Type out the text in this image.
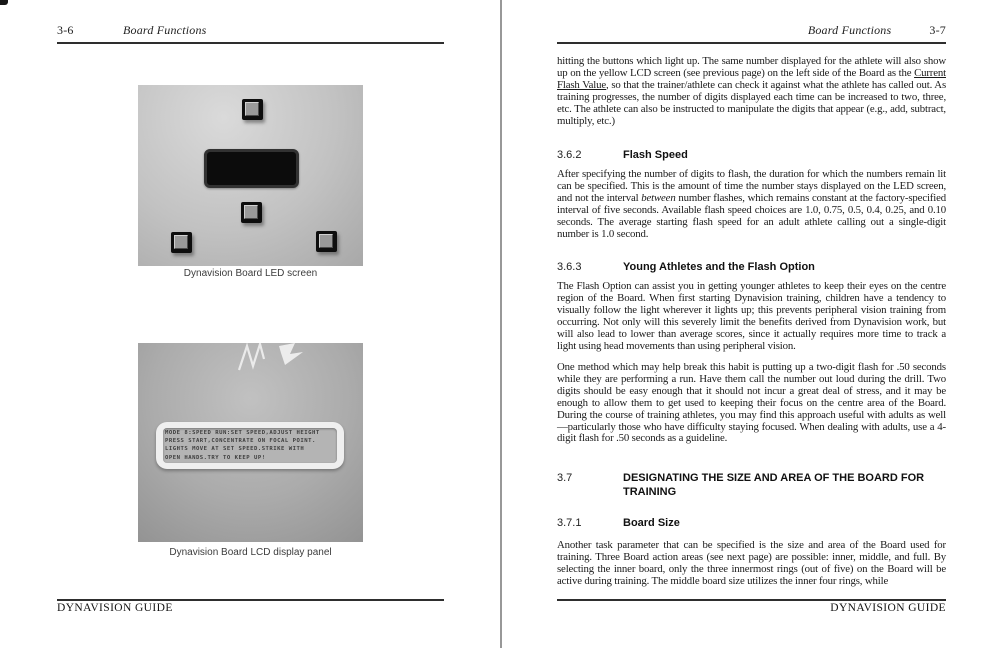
3-6	Board Functions
Dynavision Board LED screen
MODE 8:SPEED RUN:SET SPEED,ADJUST HEIGHT
PRESS START,CONCENTRATE ON FOCAL POINT.
LIGHTS MOVE AT SET SPEED.STRIKE WITH
OPEN HANDS.TRY TO KEEP UP!
Dynavision Board LCD display panel
DYNAVISION GUIDE
Board Functions	3-7

hitting the buttons which light up. The same number displayed for the athlete will also show up on the yellow LCD screen (see previous page) on the left side of the Board as the Current Flash Value, so that the trainer/athlete can check it against what the athlete has called out. As training progresses, the number of digits displayed each time can be increased to two, three, etc. The athlete can also be instructed to manipulate the digits that appear (e.g., add, subtract, multiply, etc.)

3.6.2	Flash Speed

After specifying the number of digits to flash, the duration for which the numbers remain lit can be specified. This is the amount of time the number stays displayed on the LED screen, and not the interval between number flashes, which remains constant at the factory-specified interval of five seconds. Available flash speed choices are 1.0, 0.75, 0.5, 0.4, 0.25, and 0.10 seconds. The average starting flash speed for an adult athlete calling out a single-digit number is 1.0 second.

3.6.3	Young Athletes and the Flash Option

The Flash Option can assist you in getting younger athletes to keep their eyes on the centre region of the Board. When first starting Dynavision training, children have a tendency to visually follow the light wherever it lights up; this prevents peripheral vision training from occurring. Not only will this severely limit the benefits derived from Dynavision work, but will also lead to lower than average scores, since it actually requires more time to track a light using head movements than using peripheral vision.

One method which may help break this habit is putting up a two-digit flash for .50 seconds while they are performing a run. Have them call the number out loud during the drill. Two digits should be easy enough that it should not incur a great deal of stress, and it may be enough to allow them to get used to keeping their focus on the centre area of the Board. During the course of training athletes, you may find this approach useful with adults as well—particularly those who have difficulty staying focused. When dealing with adults, use a 4-digit flash for .50 seconds as a guideline.

3.7	DESIGNATING THE SIZE AND AREA OF THE BOARD FOR TRAINING
3.7.1	Board Size

Another task parameter that can be specified is the size and area of the Board used for training. Three Board action areas (see next page) are possible: inner, middle, and full. By selecting the inner board, only the three innermost rings (out of five) on the Board will be active during training. The middle board size utilizes the inner four rings, while

DYNAVISION GUIDE
